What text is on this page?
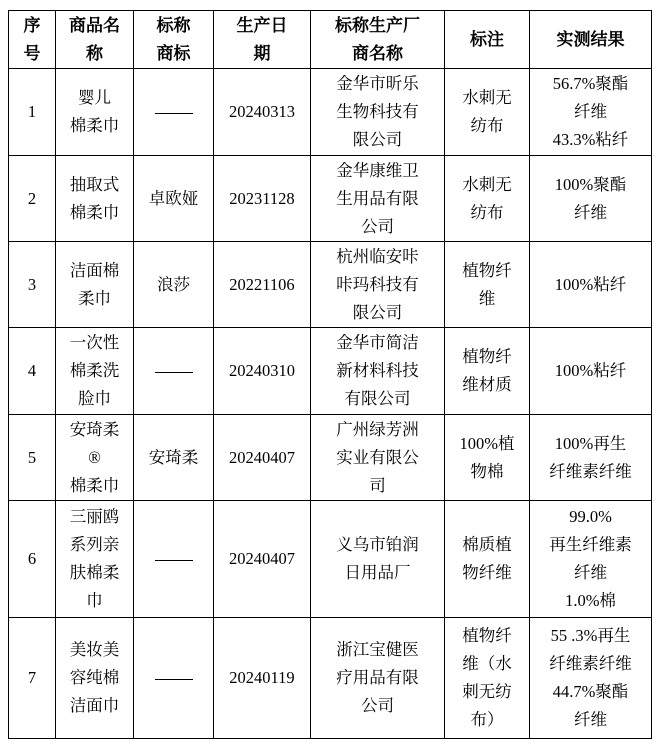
序
号	商品名
称	标称
商标	生产日
期	标称生产厂
商名称	标注	实测结果

1	婴儿
棉柔巾		20240313	金华市昕乐
生物科技有
限公司	水刺无
纺布	56.7%聚酯
纤维
43.3%粘纤

2	抽取式
棉柔巾	卓欧娅	20231128	金华康维卫
生用品有限
公司	水刺无
纺布	100%聚酯
纤维

3	洁面棉
柔巾	浪莎	20221106	杭州临安咔
咔玛科技有
限公司	植物纤
维	100%粘纤

4	一次性
棉柔洗
脸巾		20240310	金华市简洁
新材料科技
有限公司	植物纤
维材质	100%粘纤

5	安琦柔
®
棉柔巾	安琦柔	20240407	广州绿芳洲
实业有限公
司	100%植
物棉	100%再生
纤维素纤维

6	三丽鸥
系列亲
肤棉柔
巾		20240407	义乌市铂润
日用品厂	棉质植
物纤维	99.0%
再生纤维素
纤维
1.0%棉

7	美妆美
容纯棉
洁面巾		20240119	浙江宝健医
疗用品有限
公司	植物纤
维（水
刺无纺
布）	55 .3%再生
纤维素纤维
44.7%聚酯
纤维
